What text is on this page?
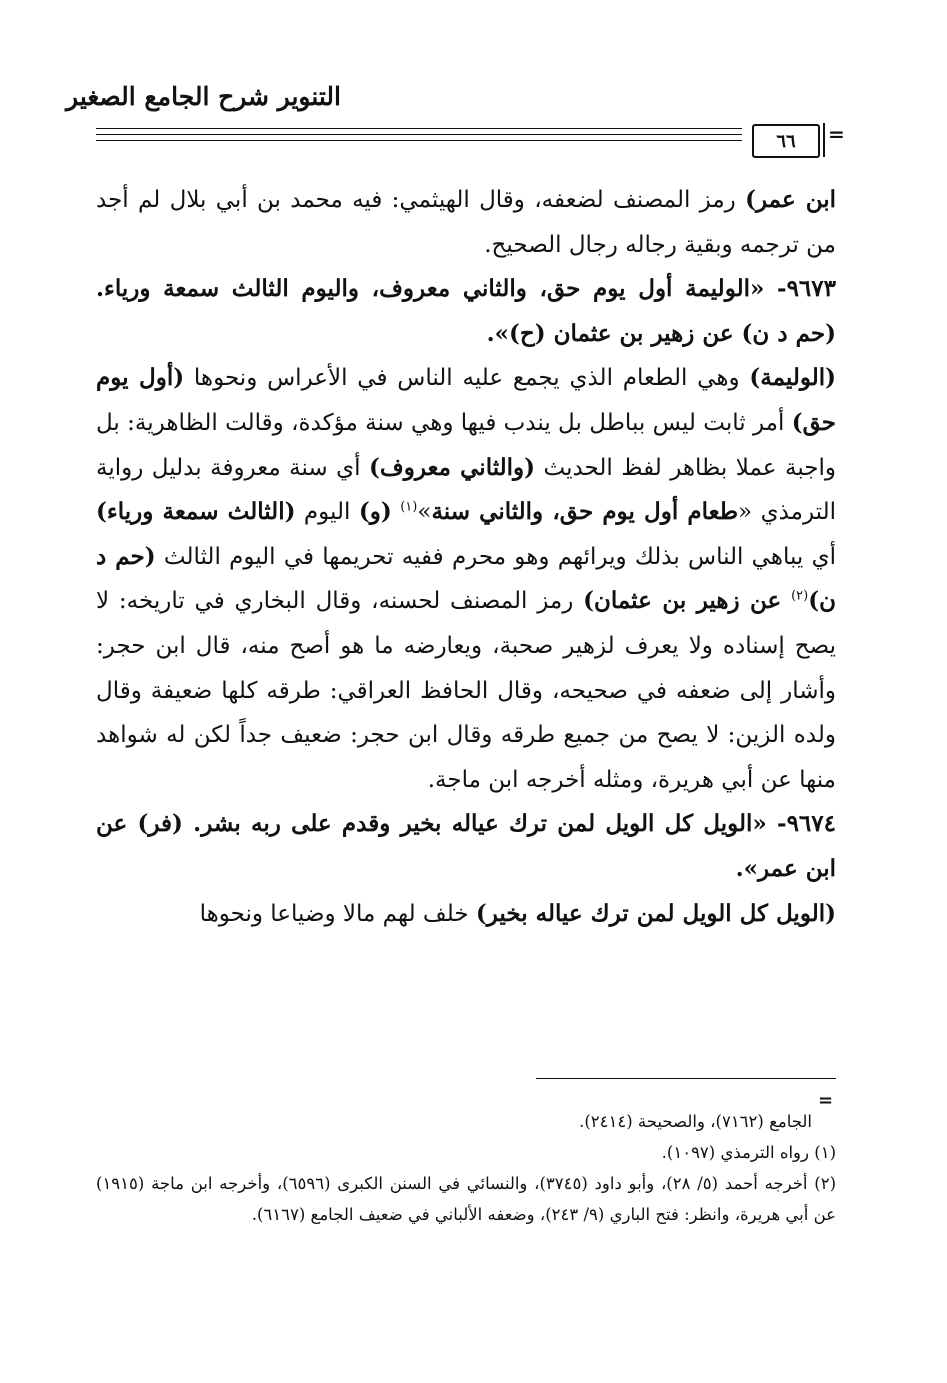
التنوير شرح الجامع الصغير
٦٦ =

ابن عمر) رمز المصنف لضعفه، وقال الهيثمي: فيه محمد بن أبي بلال لم أجد من ترجمه وبقية رجاله رجال الصحيح.

٩٦٧٣- «الوليمة أول يوم حق، والثاني معروف، واليوم الثالث سمعة ورياء. (حم د ن) عن زهير بن عثمان (ح)».

(الوليمة) وهي الطعام الذي يجمع عليه الناس في الأعراس ونحوها (أول يوم حق) أمر ثابت ليس بباطل بل يندب فيها وهي سنة مؤكدة، وقالت الظاهرية: بل واجبة عملا بظاهر لفظ الحديث (والثاني معروف) أي سنة معروفة بدليل رواية الترمذي «طعام أول يوم حق، والثاني سنة»$^{(١)}$ (و) اليوم (الثالث سمعة ورياء) أي يباهي الناس بذلك ويرائهم وهو محرم ففيه تحريمها في اليوم الثالث (حم د ن)$^{(٢)}$ عن زهير بن عثمان) رمز المصنف لحسنه، وقال البخاري في تاريخه: لا يصح إسناده ولا يعرف لزهير صحبة، ويعارضه ما هو أصح منه، قال ابن حجر: وأشار إلى ضعفه في صحيحه، وقال الحافظ العراقي: طرقه كلها ضعيفة وقال ولده الزين: لا يصح من جميع طرقه وقال ابن حجر: ضعيف جداً لكن له شواهد منها عن أبي هريرة، ومثله أخرجه ابن ماجة.

٩٦٧٤- «الويل كل الويل لمن ترك عياله بخير وقدم على ربه بشر. (فر) عن ابن عمر».

(الويل كل الويل لمن ترك عياله بخير) خلف لهم مالا وضياعا ونحوها

=

الجامع (٧١٦٢)، والصحيحة (٢٤١٤).

(١) رواه الترمذي (١٠٩٧).

(٢) أخرجه أحمد (٥/ ٢٨)، وأبو داود (٣٧٤٥)، والنسائي في السنن الكبرى (٦٥٩٦)، وأخرجه ابن ماجة (١٩١٥) عن أبي هريرة، وانظر: فتح الباري (٩/ ٢٤٣)، وضعفه الألباني في ضعيف الجامع (٦١٦٧).
